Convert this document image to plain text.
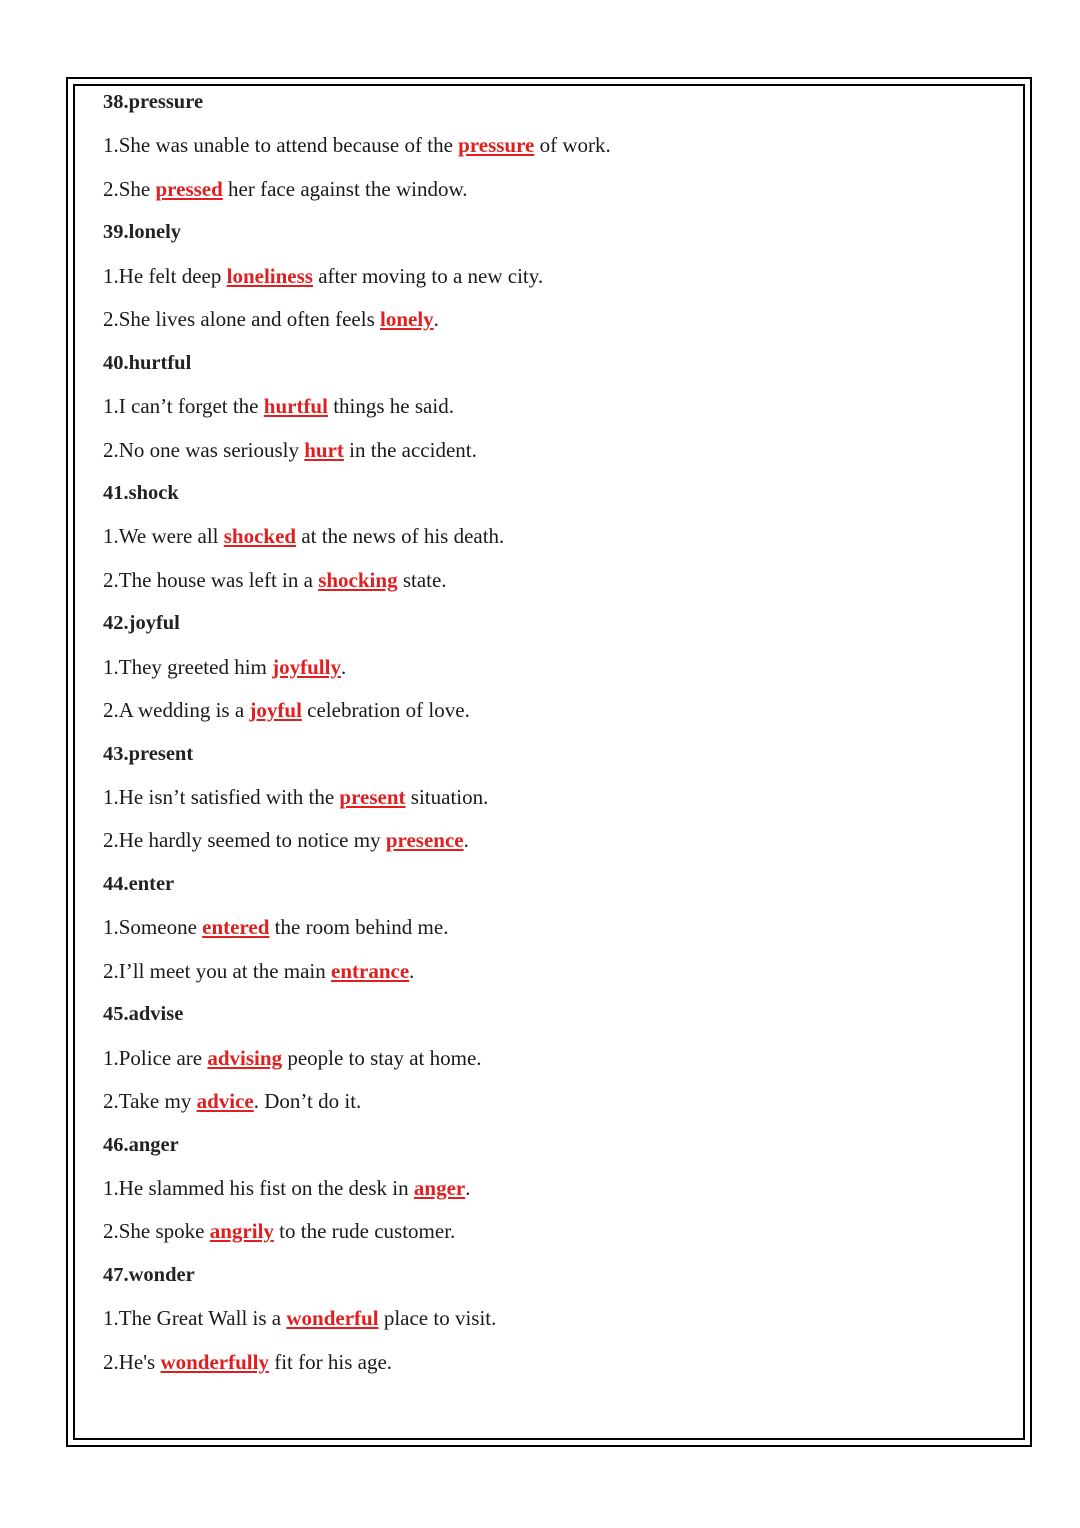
38.pressure
1.She was unable to attend because of the pressure of work.
2.She pressed her face against the window.
39.lonely
1.He felt deep loneliness after moving to a new city.
2.She lives alone and often feels lonely.
40.hurtful
1.I can’t forget the hurtful things he said.
2.No one was seriously hurt in the accident.
41.shock
1.We were all shocked at the news of his death.
2.The house was left in a shocking state.
42.joyful
1.They greeted him joyfully.
2.A wedding is a joyful celebration of love.
43.present
1.He isn’t satisfied with the present situation.
2.He hardly seemed to notice my presence.
44.enter
1.Someone entered the room behind me.
2.I’ll meet you at the main entrance.
45.advise
1.Police are advising people to stay at home.
2.Take my advice. Don’t do it.
46.anger
1.He slammed his fist on the desk in anger.
2.She spoke angrily to the rude customer.
47.wonder
1.The Great Wall is a wonderful place to visit.
2.He's wonderfully fit for his age.
